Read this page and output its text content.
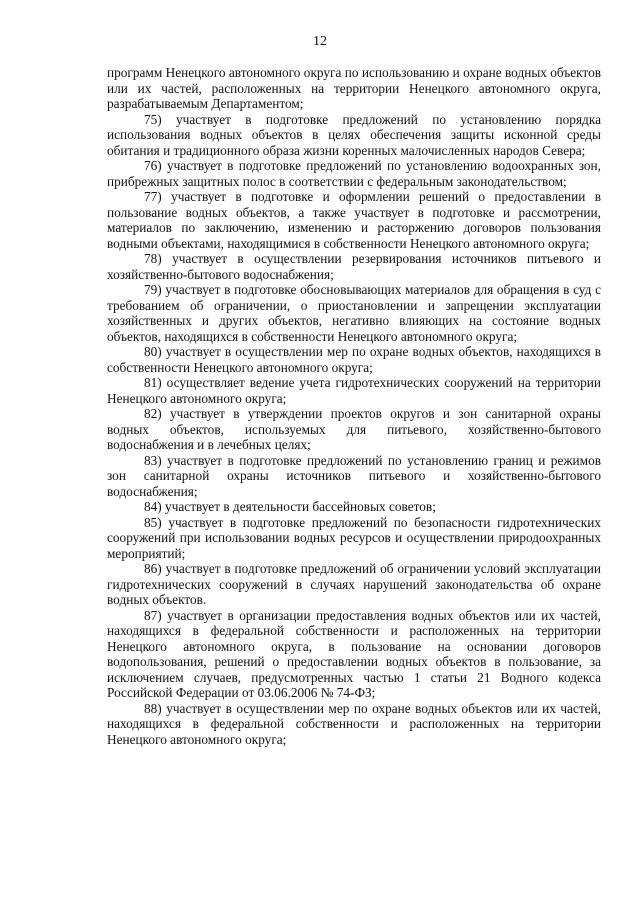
12

программ Ненецкого автономного округа по использованию и охране водных объектов или их частей, расположенных на территории Ненецкого автономного округа, разрабатываемым Департаментом;

75) участвует в подготовке предложений по установлению порядка использования водных объектов в целях обеспечения защиты исконной среды обитания и традиционного образа жизни коренных малочисленных народов Севера;

76) участвует в подготовке предложений по установлению водоохранных зон, прибрежных защитных полос в соответствии с федеральным законодательством;

77) участвует в подготовке и оформлении решений о предоставлении в пользование водных объектов, а также участвует в подготовке и рассмотрении, материалов по заключению, изменению и расторжению договоров пользования водными объектами, находящимися в собственности Ненецкого автономного округа;

78) участвует в осуществлении резервирования источников питьевого и хозяйственно-бытового водоснабжения;

79) участвует в подготовке обосновывающих материалов для обращения в суд с требованием об ограничении, о приостановлении и запрещении эксплуатации хозяйственных и других объектов, негативно влияющих на состояние водных объектов, находящихся в собственности Ненецкого автономного округа;

80) участвует в осуществлении мер по охране водных объектов, находящихся в собственности Ненецкого автономного округа;

81) осуществляет ведение учета гидротехнических сооружений на территории Ненецкого автономного округа;

82) участвует в утверждении проектов округов и зон санитарной охраны водных объектов, используемых для питьевого, хозяйственно-бытового водоснабжения и в лечебных целях;

83) участвует в подготовке предложений по установлению границ и режимов зон санитарной охраны источников питьевого и хозяйственно-бытового водоснабжения;

84) участвует в деятельности бассейновых советов;

85) участвует в подготовке предложений по безопасности гидротехнических сооружений при использовании водных ресурсов и осуществлении природоохранных мероприятий;

86) участвует в подготовке предложений об ограничении условий эксплуатации гидротехнических сооружений в случаях нарушений законодательства об охране водных объектов.

87) участвует в организации предоставления водных объектов или их частей, находящихся в федеральной собственности и расположенных на территории Ненецкого автономного округа, в пользование на основании договоров водопользования, решений о предоставлении водных объектов в пользование, за исключением случаев, предусмотренных частью 1 статьи 21 Водного кодекса Российской Федерации от 03.06.2006 № 74-ФЗ;

88) участвует в осуществлении мер по охране водных объектов или их частей, находящихся в федеральной собственности и расположенных на территории Ненецкого автономного округа;
